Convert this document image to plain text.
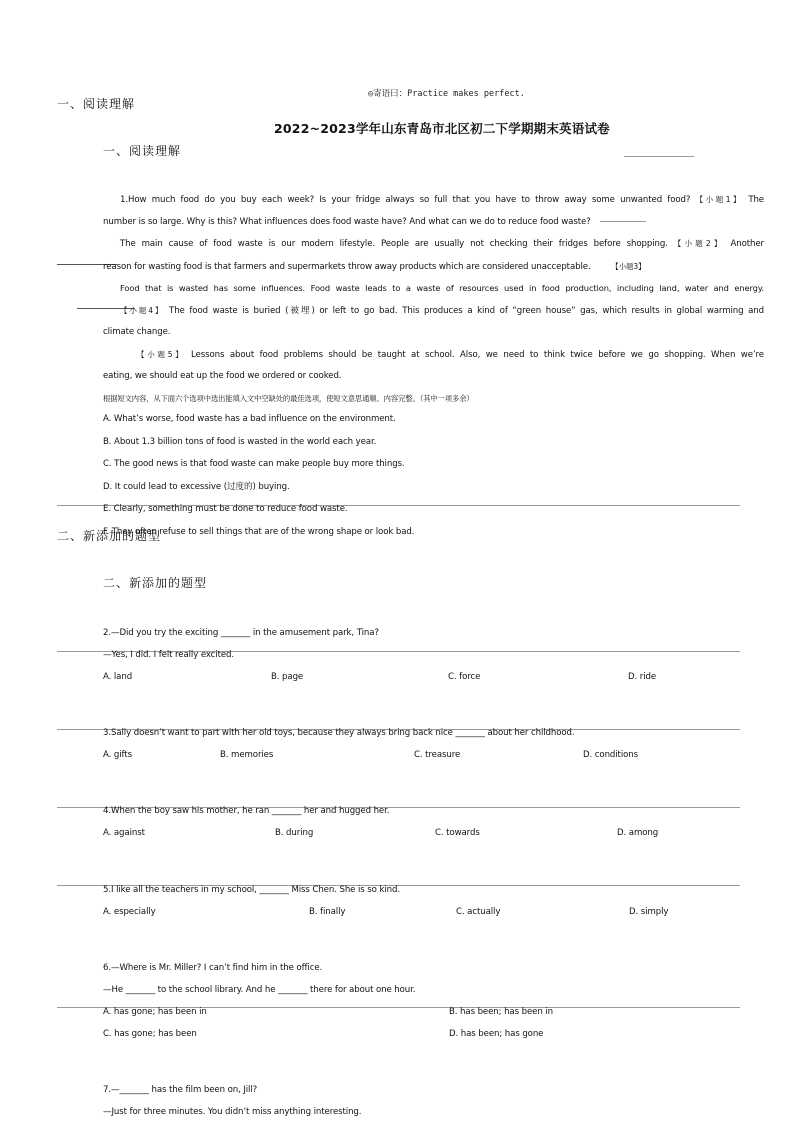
◎寄语曰：Practice makes perfect.
一、阅读理解
2022~2023学年山东青岛市北区初二下学期期末英语试卷
一、阅读理解
1.How much food do you buy each week? Is your fridge always so full that you have to throw away some unwanted food? 【小题1】 The
number is so large. Why is this? What influences does food waste have? And what can we do to reduce food waste?
The main cause of food waste is our modern lifestyle. People are usually not checking their fridges before shopping. 【小题2】 Another
reason for wasting food is that farmers and supermarkets throw away products which are considered unacceptable.	【小题3】
Food that is wasted has some influences. Food waste leads to a waste of resources used in food production, including land, water and energy.
【小题4】 The food waste is buried (被埋) or left to go bad. This produces a kind of “green house” gas, which results in global warming and
climate change.
【小题5】 Lessons about food problems should be taught at school. Also, we need to think twice before we go shopping. When we’re
eating, we should eat up the food we ordered or cooked.
根据短文内容，从下面六个选项中选出能填入文中空缺处的最佳选项，使短文意思通顺、内容完整。（其中一项多余）
A. What’s worse, food waste has a bad influence on the environment.
B. About 1.3 billion tons of food is wasted in the world each year.
C. The good news is that food waste can make people buy more things.
D. It could lead to excessive (过度的) buying.
E. Clearly, something must be done to reduce food waste.
F. They often refuse to sell things that are of the wrong shape or look bad.
二、新添加的题型
二、新添加的题型
2.—Did you try the exciting _______ in the amusement park, Tina?
—Yes, I did. I felt really excited.
A. land	B. page	C. force	D. ride
3.Sally doesn’t want to part with her old toys, because they always bring back nice _______ about her childhood.
A. gifts	B. memories	C. treasure	D. conditions
4.When the boy saw his mother, he ran _______ her and hugged her.
A. against	B. during	C. towards	D. among
5.I like all the teachers in my school, _______ Miss Chen. She is so kind.
A. especially	B. finally	C. actually	D. simply
6.—Where is Mr. Miller? I can’t find him in the office.
—He _______ to the school library. And he _______ there for about one hour.
A. has gone; has been in	B. has been; has been in
C. has gone; has been	D. has been; has gone
7.—_______ has the film been on, Jill?
—Just for three minutes. You didn’t miss anything interesting.
